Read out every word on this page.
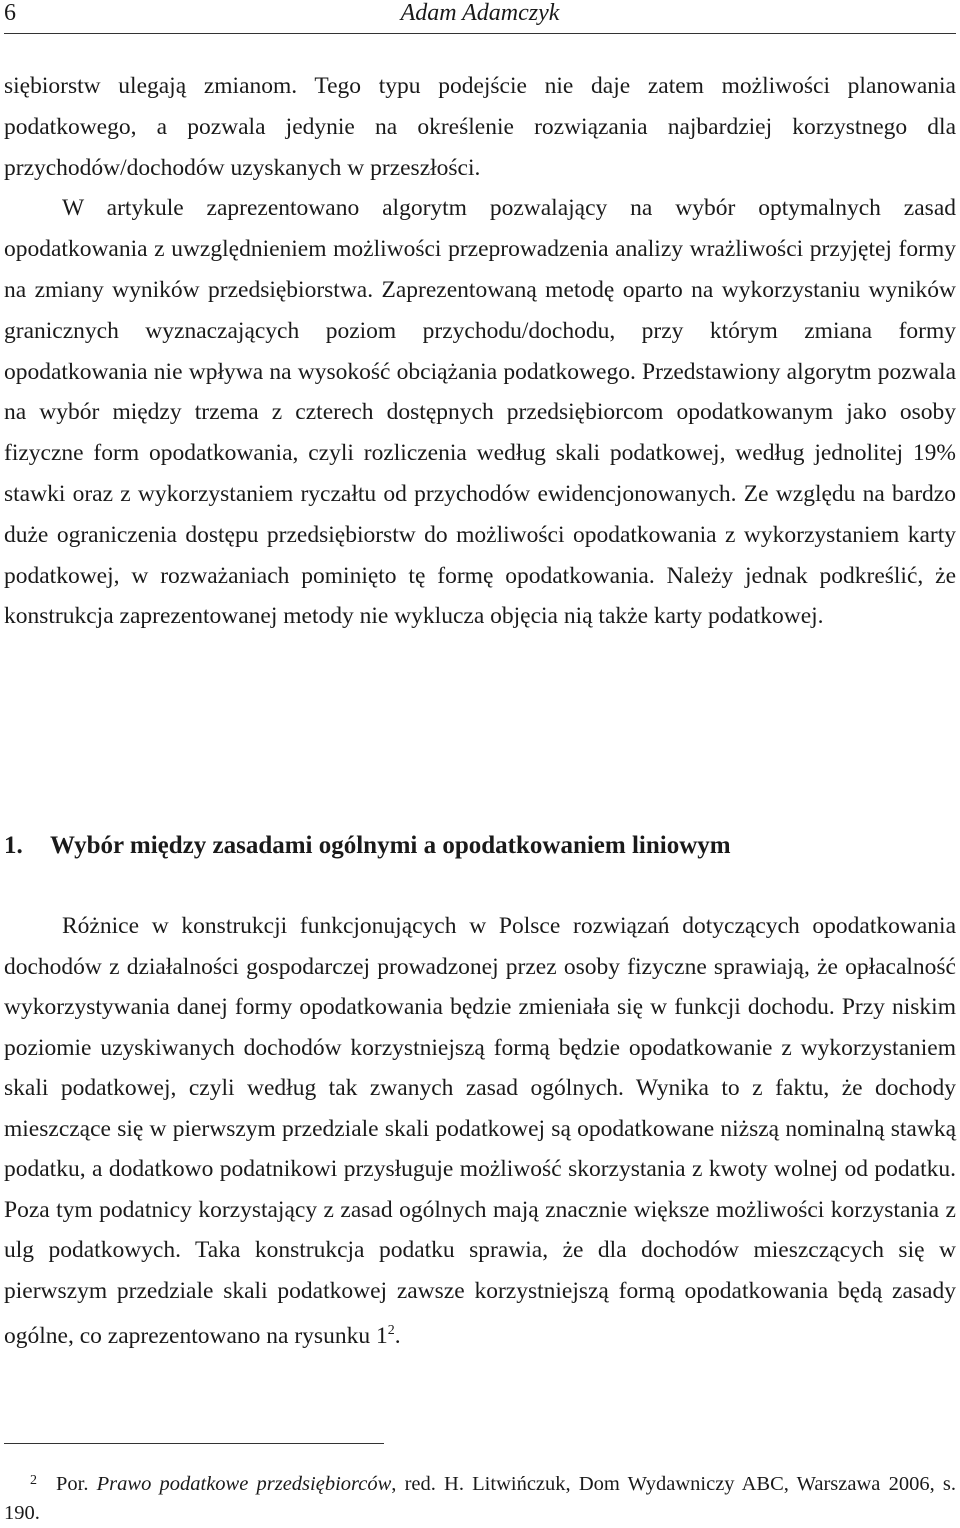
6	Adam Adamczyk

siębiorstw ulegają zmianom. Tego typu podejście nie daje zatem możliwości planowania podatkowego, a pozwala jedynie na określenie rozwiązania najbardziej korzystnego dla przychodów/dochodów uzyskanych w przeszłości.
W artykule zaprezentowano algorytm pozwalający na wybór optymalnych zasad opodatkowania z uwzględnieniem możliwości przeprowadzenia analizy wrażliwości przyjętej formy na zmiany wyników przedsiębiorstwa. Zaprezentowaną metodę oparto na wykorzystaniu wyników granicznych wyznaczających poziom przychodu/dochodu, przy którym zmiana formy opodatkowania nie wpływa na wysokość obciążania podatkowego. Przedstawiony algorytm pozwala na wybór między trzema z czterech dostępnych przedsiębiorcom opodatkowanym jako osoby fizyczne form opodatkowania, czyli rozliczenia według skali podatkowej, według jednolitej 19% stawki oraz z wykorzystaniem ryczałtu od przychodów ewidencjonowanych. Ze względu na bardzo duże ograniczenia dostępu przedsiębiorstw do możliwości opodatkowania z wykorzystaniem karty podatkowej, w rozważaniach pominięto tę formę opodatkowania. Należy jednak podkreślić, że konstrukcja zaprezentowanej metody nie wyklucza objęcia nią także karty podatkowej.

1. Wybór między zasadami ogólnymi a opodatkowaniem liniowym

Różnice w konstrukcji funkcjonujących w Polsce rozwiązań dotyczących opodatkowania dochodów z działalności gospodarczej prowadzonej przez osoby fizyczne sprawiają, że opłacalność wykorzystywania danej formy opodatkowania będzie zmieniała się w funkcji dochodu. Przy niskim poziomie uzyskiwanych dochodów korzystniejszą formą będzie opodatkowanie z wykorzystaniem skali podatkowej, czyli według tak zwanych zasad ogólnych. Wynika to z faktu, że dochody mieszczące się w pierwszym przedziale skali podatkowej są opodatkowane niższą nominalną stawką podatku, a dodatkowo podatnikowi przysługuje możliwość skorzystania z kwoty wolnej od podatku. Poza tym podatnicy korzystający z zasad ogólnych mają znacznie większe możliwości korzystania z ulg podatkowych. Taka konstrukcja podatku sprawia, że dla dochodów mieszczących się w pierwszym przedziale skali podatkowej zawsze korzystniejszą formą opodatkowania będą zasady ogólne, co zaprezentowano na rysunku $1^2$.

2 Por. Prawo podatkowe przedsiębiorców, red. H. Litwińczuk, Dom Wydawniczy ABC, Warszawa 2006, s. 190.
